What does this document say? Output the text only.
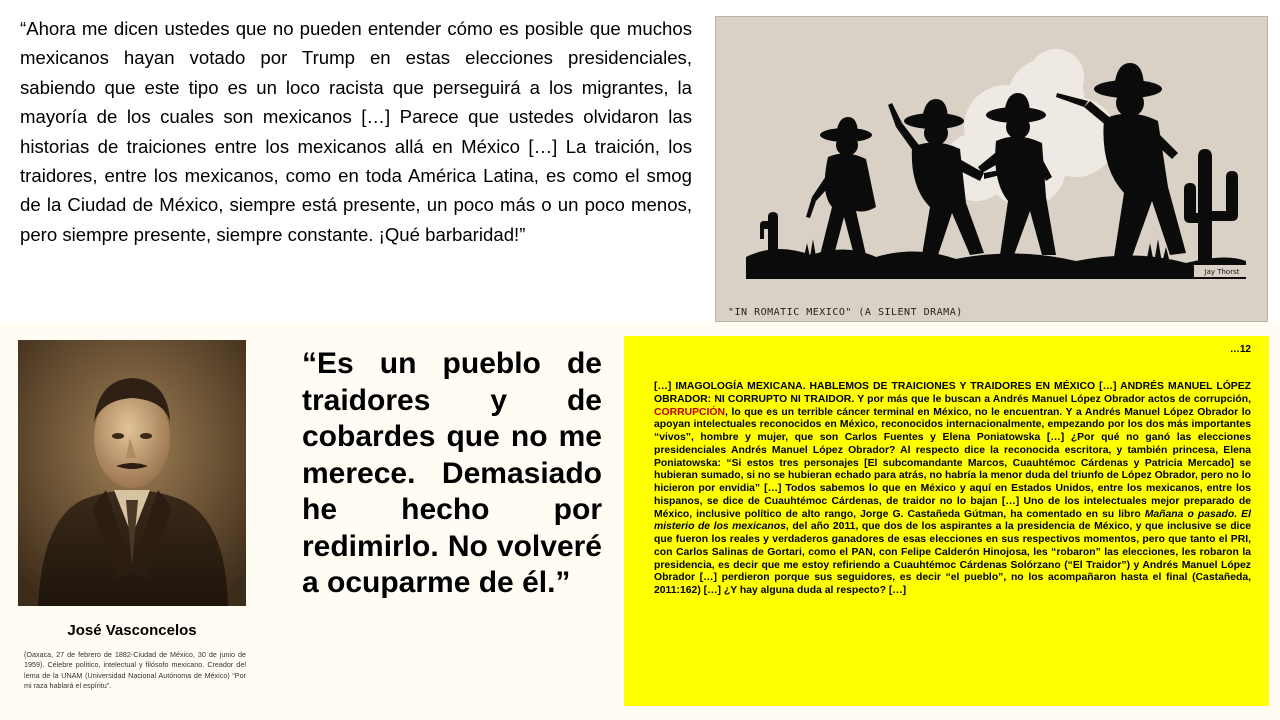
“Ahora me dicen ustedes que no pueden entender cómo es posible que muchos mexicanos hayan votado por Trump en estas elecciones presidenciales, sabiendo que este tipo es un loco racista que perseguirá a los migrantes, la mayoría de los cuales son mexicanos […] Parece que ustedes olvidaron las historias de traiciones entre los mexicanos allá en México […] La traición, los traidores, entre los mexicanos, como en toda América Latina, es como el smog de la Ciudad de México, siempre está presente, un poco más o un poco menos, pero siempre presente, siempre constante. ¡Qué barbaridad!”

Jay Thorst
"IN ROMATIC MEXICO" (A SILENT DRAMA)

José Vasconcelos

(Oaxaca, 27 de febrero de 1882-Ciudad de México, 30 de junio de 1959). Célebre político, intelectual y filósofo mexicano. Creador del lema de la UNAM (Universidad Nacional Autónoma de México) “Por mi raza hablará el espíritu”.

“Es un pueblo de traidores y de cobardes que no me merece. Demasiado he hecho por redimirlo. No volveré a ocuparme de él.”

…12

[…] IMAGOLOGÍA MEXICANA. HABLEMOS DE TRAICIONES Y TRAIDORES EN MÉXICO […] ANDRÉS MANUEL LÓPEZ OBRADOR: NI CORRUPTO NI TRAIDOR. Y por más que le buscan a Andrés Manuel López Obrador actos de corrupción, CORRUPCIÓN, lo que es un terrible cáncer terminal en México, no le encuentran. Y a Andrés Manuel López Obrador lo apoyan intelectuales reconocidos en México, reconocidos internacionalmente, empezando por los dos más importantes “vivos”, hombre y mujer, que son Carlos Fuentes y Elena Poniatowska […] ¿Por qué no ganó las elecciones presidenciales Andrés Manuel López Obrador? Al respecto dice la reconocida escritora, y también princesa, Elena Poniatowska: “Si estos tres personajes [El subcomandante Marcos, Cuauhtémoc Cárdenas y Patricia Mercado] se hubieran sumado, si no se hubieran echado para atrás, no habría la menor duda del triunfo de López Obrador, pero no lo hicieron por envidia” […] Todos sabemos lo que en México y aquí en Estados Unidos, entre los mexicanos, entre los hispanos, se dice de Cuauhtémoc Cárdenas, de traidor no lo bajan […] Uno de los intelectuales mejor preparado de México, inclusive político de alto rango, Jorge G. Castañeda Gútman, ha comentado en su libro Mañana o pasado. El misterio de los mexicanos, del año 2011, que dos de los aspirantes a la presidencia de México, y que inclusive se dice que fueron los reales y verdaderos ganadores de esas elecciones en sus respectivos momentos, pero que tanto el PRI, con Carlos Salinas de Gortari, como el PAN, con Felipe Calderón Hinojosa, les “robaron” las elecciones, les robaron la presidencia, es decir que me estoy refiriendo a Cuauhtémoc Cárdenas Solórzano (“El Traidor”) y Andrés Manuel López Obrador […] perdieron porque sus seguidores, es decir “el pueblo”, no los acompañaron hasta el final (Castañeda, 2011:162) […] ¿Y hay alguna duda al respecto? […]
